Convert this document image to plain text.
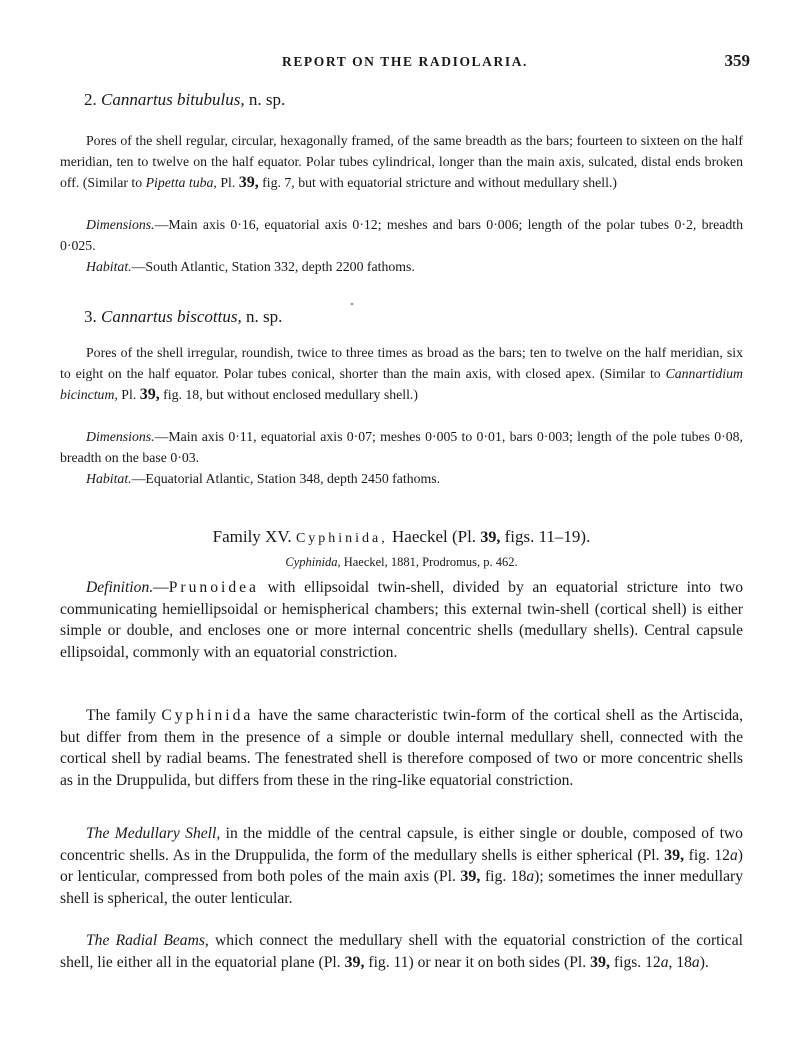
REPORT ON THE RADIOLARIA.	359
2. Cannartus bitubulus, n. sp.
Pores of the shell regular, circular, hexagonally framed, of the same breadth as the bars; fourteen to sixteen on the half meridian, ten to twelve on the half equator. Polar tubes cylindrical, longer than the main axis, sulcated, distal ends broken off. (Similar to Pipetta tuba, Pl. 39, fig. 7, but with equatorial stricture and without medullary shell.)
Dimensions.—Main axis 0·16, equatorial axis 0·12; meshes and bars 0·006; length of the polar tubes 0·2, breadth 0·025.
Habitat.—South Atlantic, Station 332, depth 2200 fathoms.
3. Cannartus biscottus, n. sp.
Pores of the shell irregular, roundish, twice to three times as broad as the bars; ten to twelve on the half meridian, six to eight on the half equator. Polar tubes conical, shorter than the main axis, with closed apex. (Similar to Cannartidium bicinctum, Pl. 39, fig. 18, but without enclosed medullary shell.)
Dimensions.—Main axis 0·11, equatorial axis 0·07; meshes 0·005 to 0·01, bars 0·003; length of the pole tubes 0·08, breadth on the base 0·03.
Habitat.—Equatorial Atlantic, Station 348, depth 2450 fathoms.
Family XV. Cyphinida, Haeckel (Pl. 39, figs. 11–19).
Cyphinida, Haeckel, 1881, Prodromus, p. 462.
Definition.—Prunoidea with ellipsoidal twin-shell, divided by an equatorial stricture into two communicating hemiellipsoidal or hemispherical chambers; this external twin-shell (cortical shell) is either simple or double, and encloses one or more internal concentric shells (medullary shells). Central capsule ellipsoidal, commonly with an equatorial constriction.
The family Cyphinida have the same characteristic twin-form of the cortical shell as the Artiscida, but differ from them in the presence of a simple or double internal medullary shell, connected with the cortical shell by radial beams. The fenestrated shell is therefore composed of two or more concentric shells as in the Druppulida, but differs from these in the ring-like equatorial constriction.
The Medullary Shell, in the middle of the central capsule, is either single or double, composed of two concentric shells. As in the Druppulida, the form of the medullary shells is either spherical (Pl. 39, fig. 12a) or lenticular, compressed from both poles of the main axis (Pl. 39, fig. 18a); sometimes the inner medullary shell is spherical, the outer lenticular.
The Radial Beams, which connect the medullary shell with the equatorial constriction of the cortical shell, lie either all in the equatorial plane (Pl. 39, fig. 11) or near it on both sides (Pl. 39, figs. 12a, 18a).
